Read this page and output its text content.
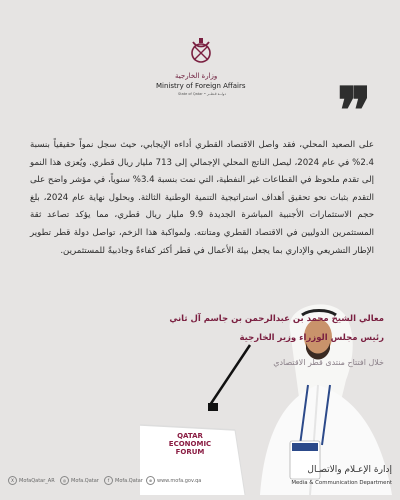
وزارة الخارجية
Ministry of Foreign Affairs
State of Qatar • دولــة قـطــر ❞

على الصعيد المحلي، فقد واصل الاقتصاد القطري أداءه الإيجابي، حيث سجل نمواً حقيقياً بنسبة 2.4% في عام 2024، ليصل الناتج المحلي الإجمالي إلى 713 مليار ريال قطري. ويُعزى هذا النمو إلى تقدم ملحوظ في القطاعات غير النفطية، التي نمت بنسبة 3.4% سنوياً، في مؤشر واضح على التقدم بثبات نحو تحقيق أهداف استراتيجية التنمية الوطنية الثالثة. وبحلول نهاية عام 2024، بلغ حجم الاستثمارات الأجنبية المباشرة الجديدة 9.9 مليار ريال قطري، مما يؤكد تصاعد ثقة المستثمرين الدوليين في الاقتصاد القطري ومتانته. ولمواكبة هذا الزخم، تواصل دولة قطر تطوير الإطار التشريعي والإداري بما يجعل بيئة الأعمال في قطر أكثر كفاءةً وجاذبيةً للمستثمرين.

QATAR
ECONOMIC
FORUM
معالي الشيخ محمد بن عبدالرحمن بن جاسم آل ثاني
رئيس مجلس الوزراء وزير الخارجية
خلال افتتاح منتدى قطر الاقتصادي
X MofaQatar_AR	◎ Mofa.Qatar	f Mofa.Qatar	⊕ www.mofa.gov.qa
إدارة الإعـلام والاتصـال
Media & Communication Department
